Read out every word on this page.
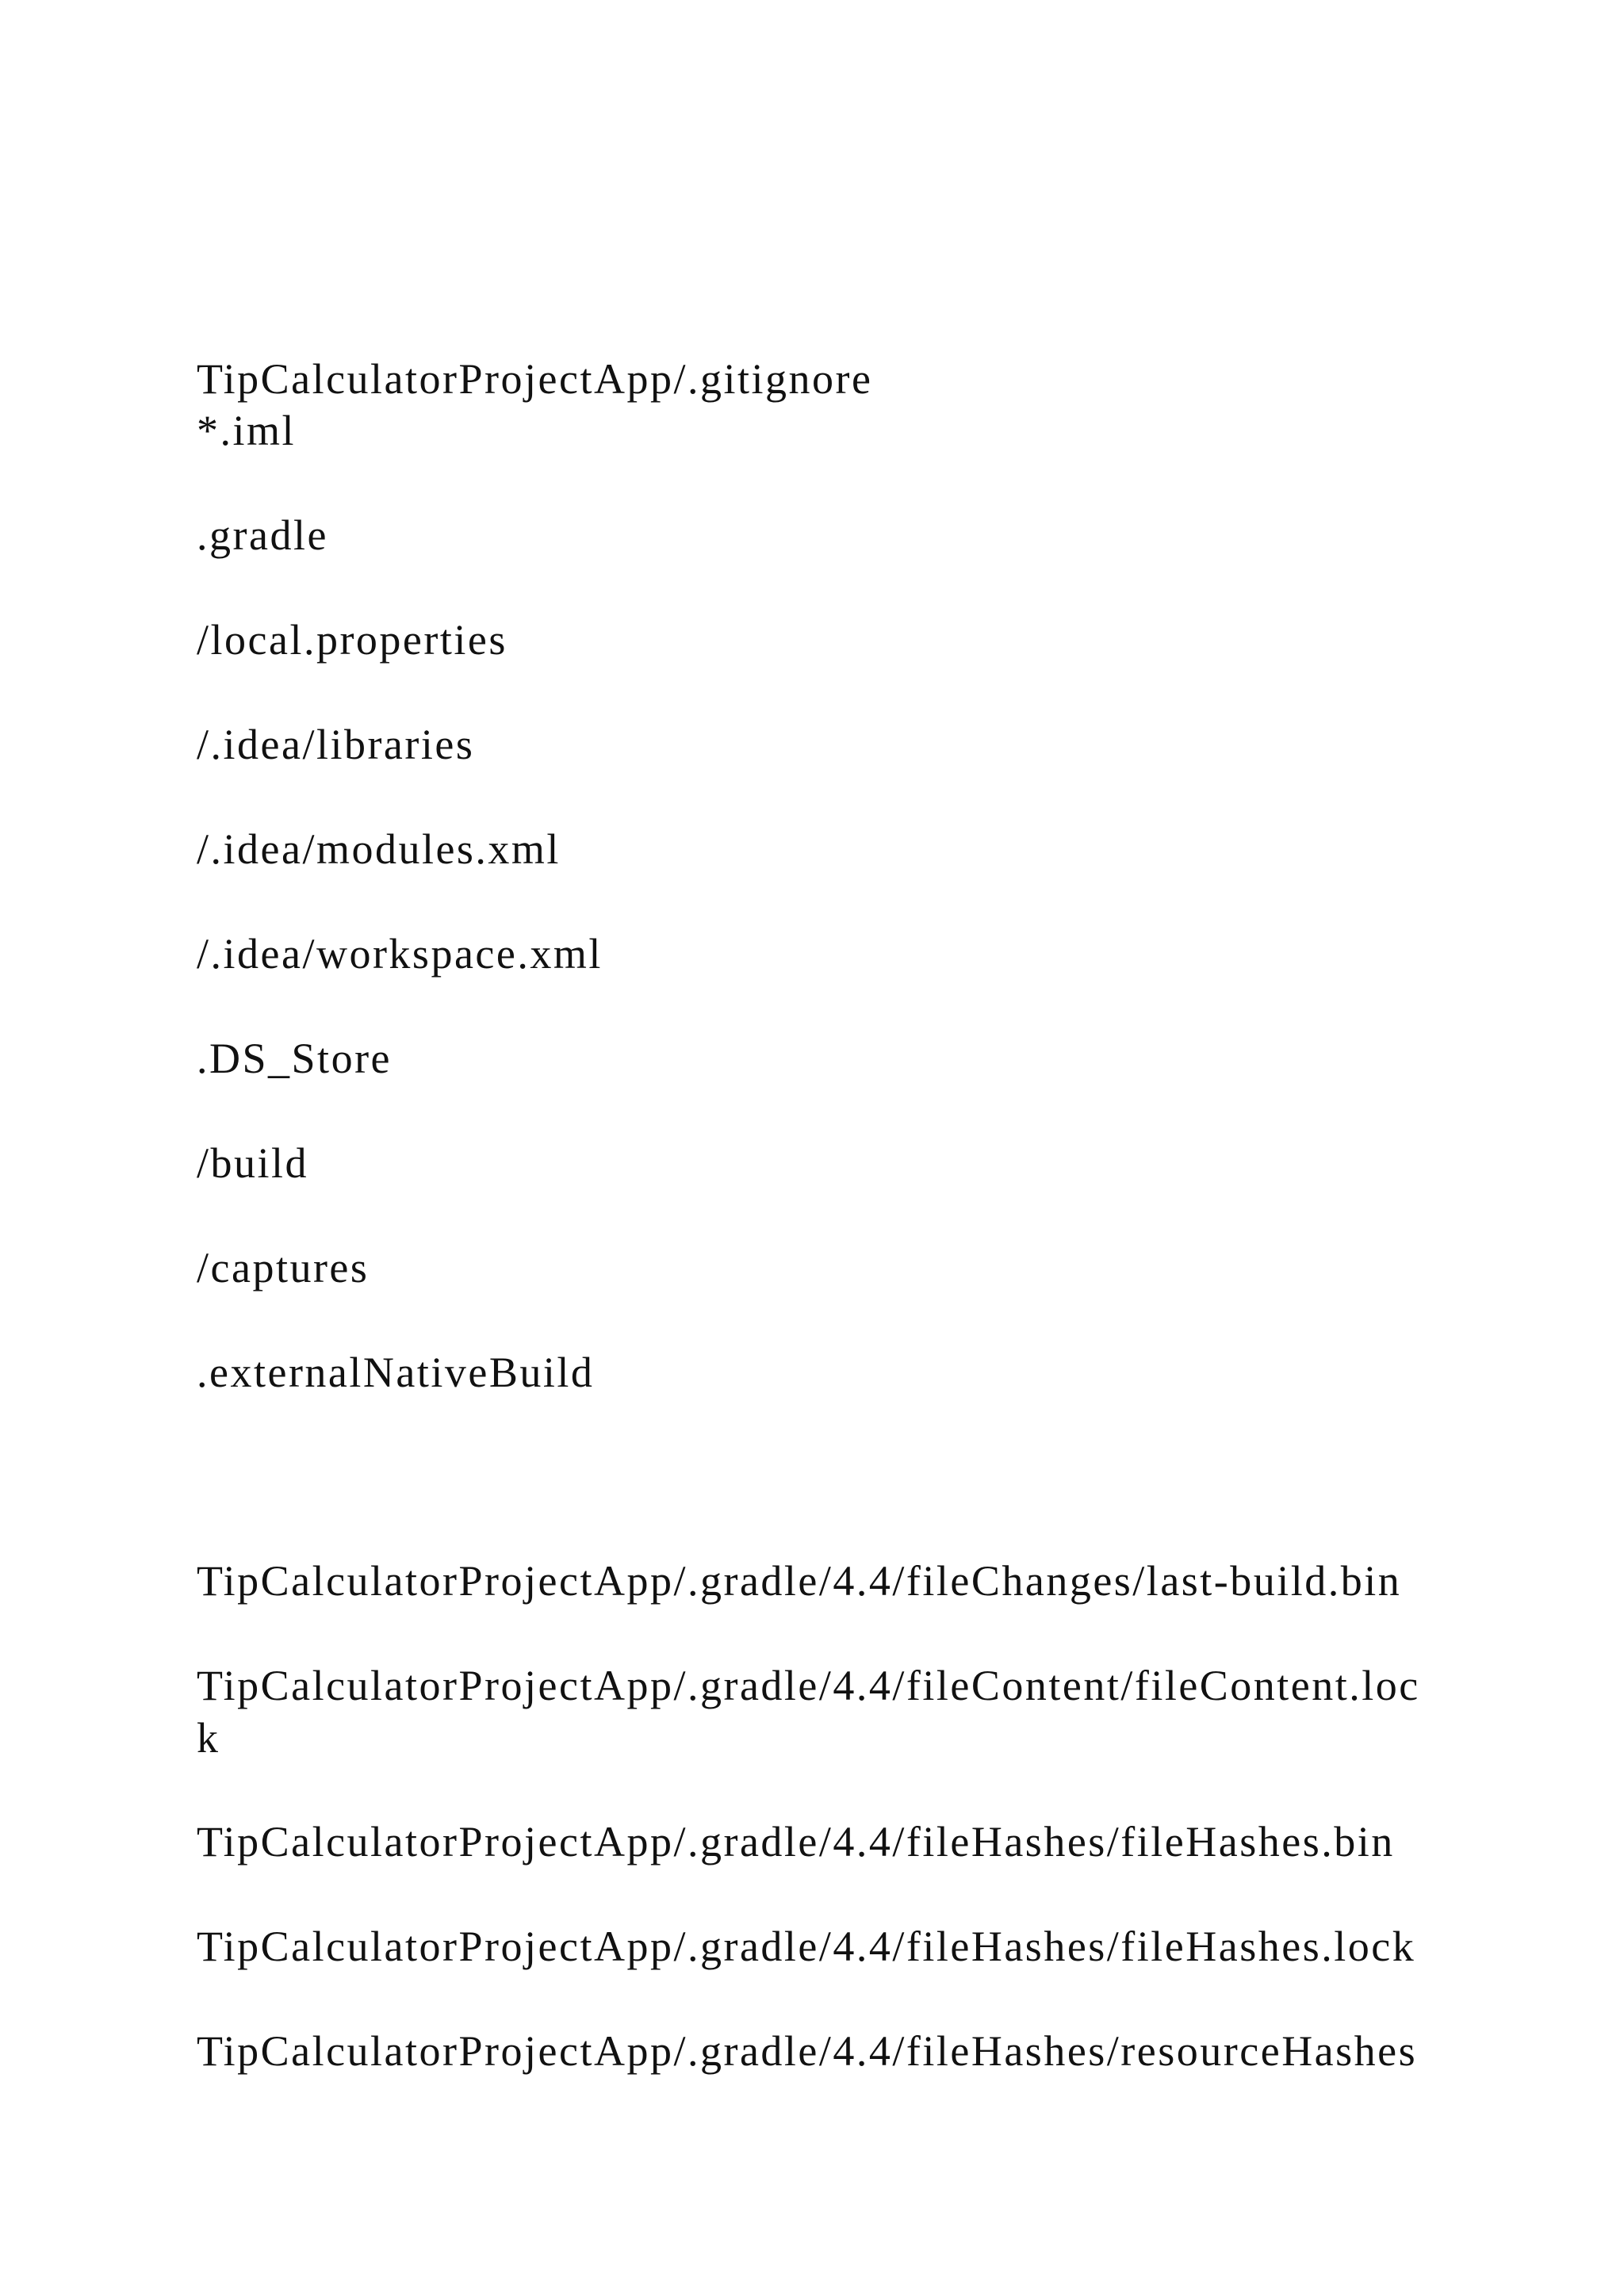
TipCalculatorProjectApp/.gitignore

*.iml

.gradle

/local.properties

/.idea/libraries

/.idea/modules.xml

/.idea/workspace.xml

.DS_Store

/build

/captures

.externalNativeBuild

TipCalculatorProjectApp/.gradle/4.4/fileChanges/last-build.bin

TipCalculatorProjectApp/.gradle/4.4/fileContent/fileContent.loc

k

TipCalculatorProjectApp/.gradle/4.4/fileHashes/fileHashes.bin

TipCalculatorProjectApp/.gradle/4.4/fileHashes/fileHashes.lock

TipCalculatorProjectApp/.gradle/4.4/fileHashes/resourceHashes
